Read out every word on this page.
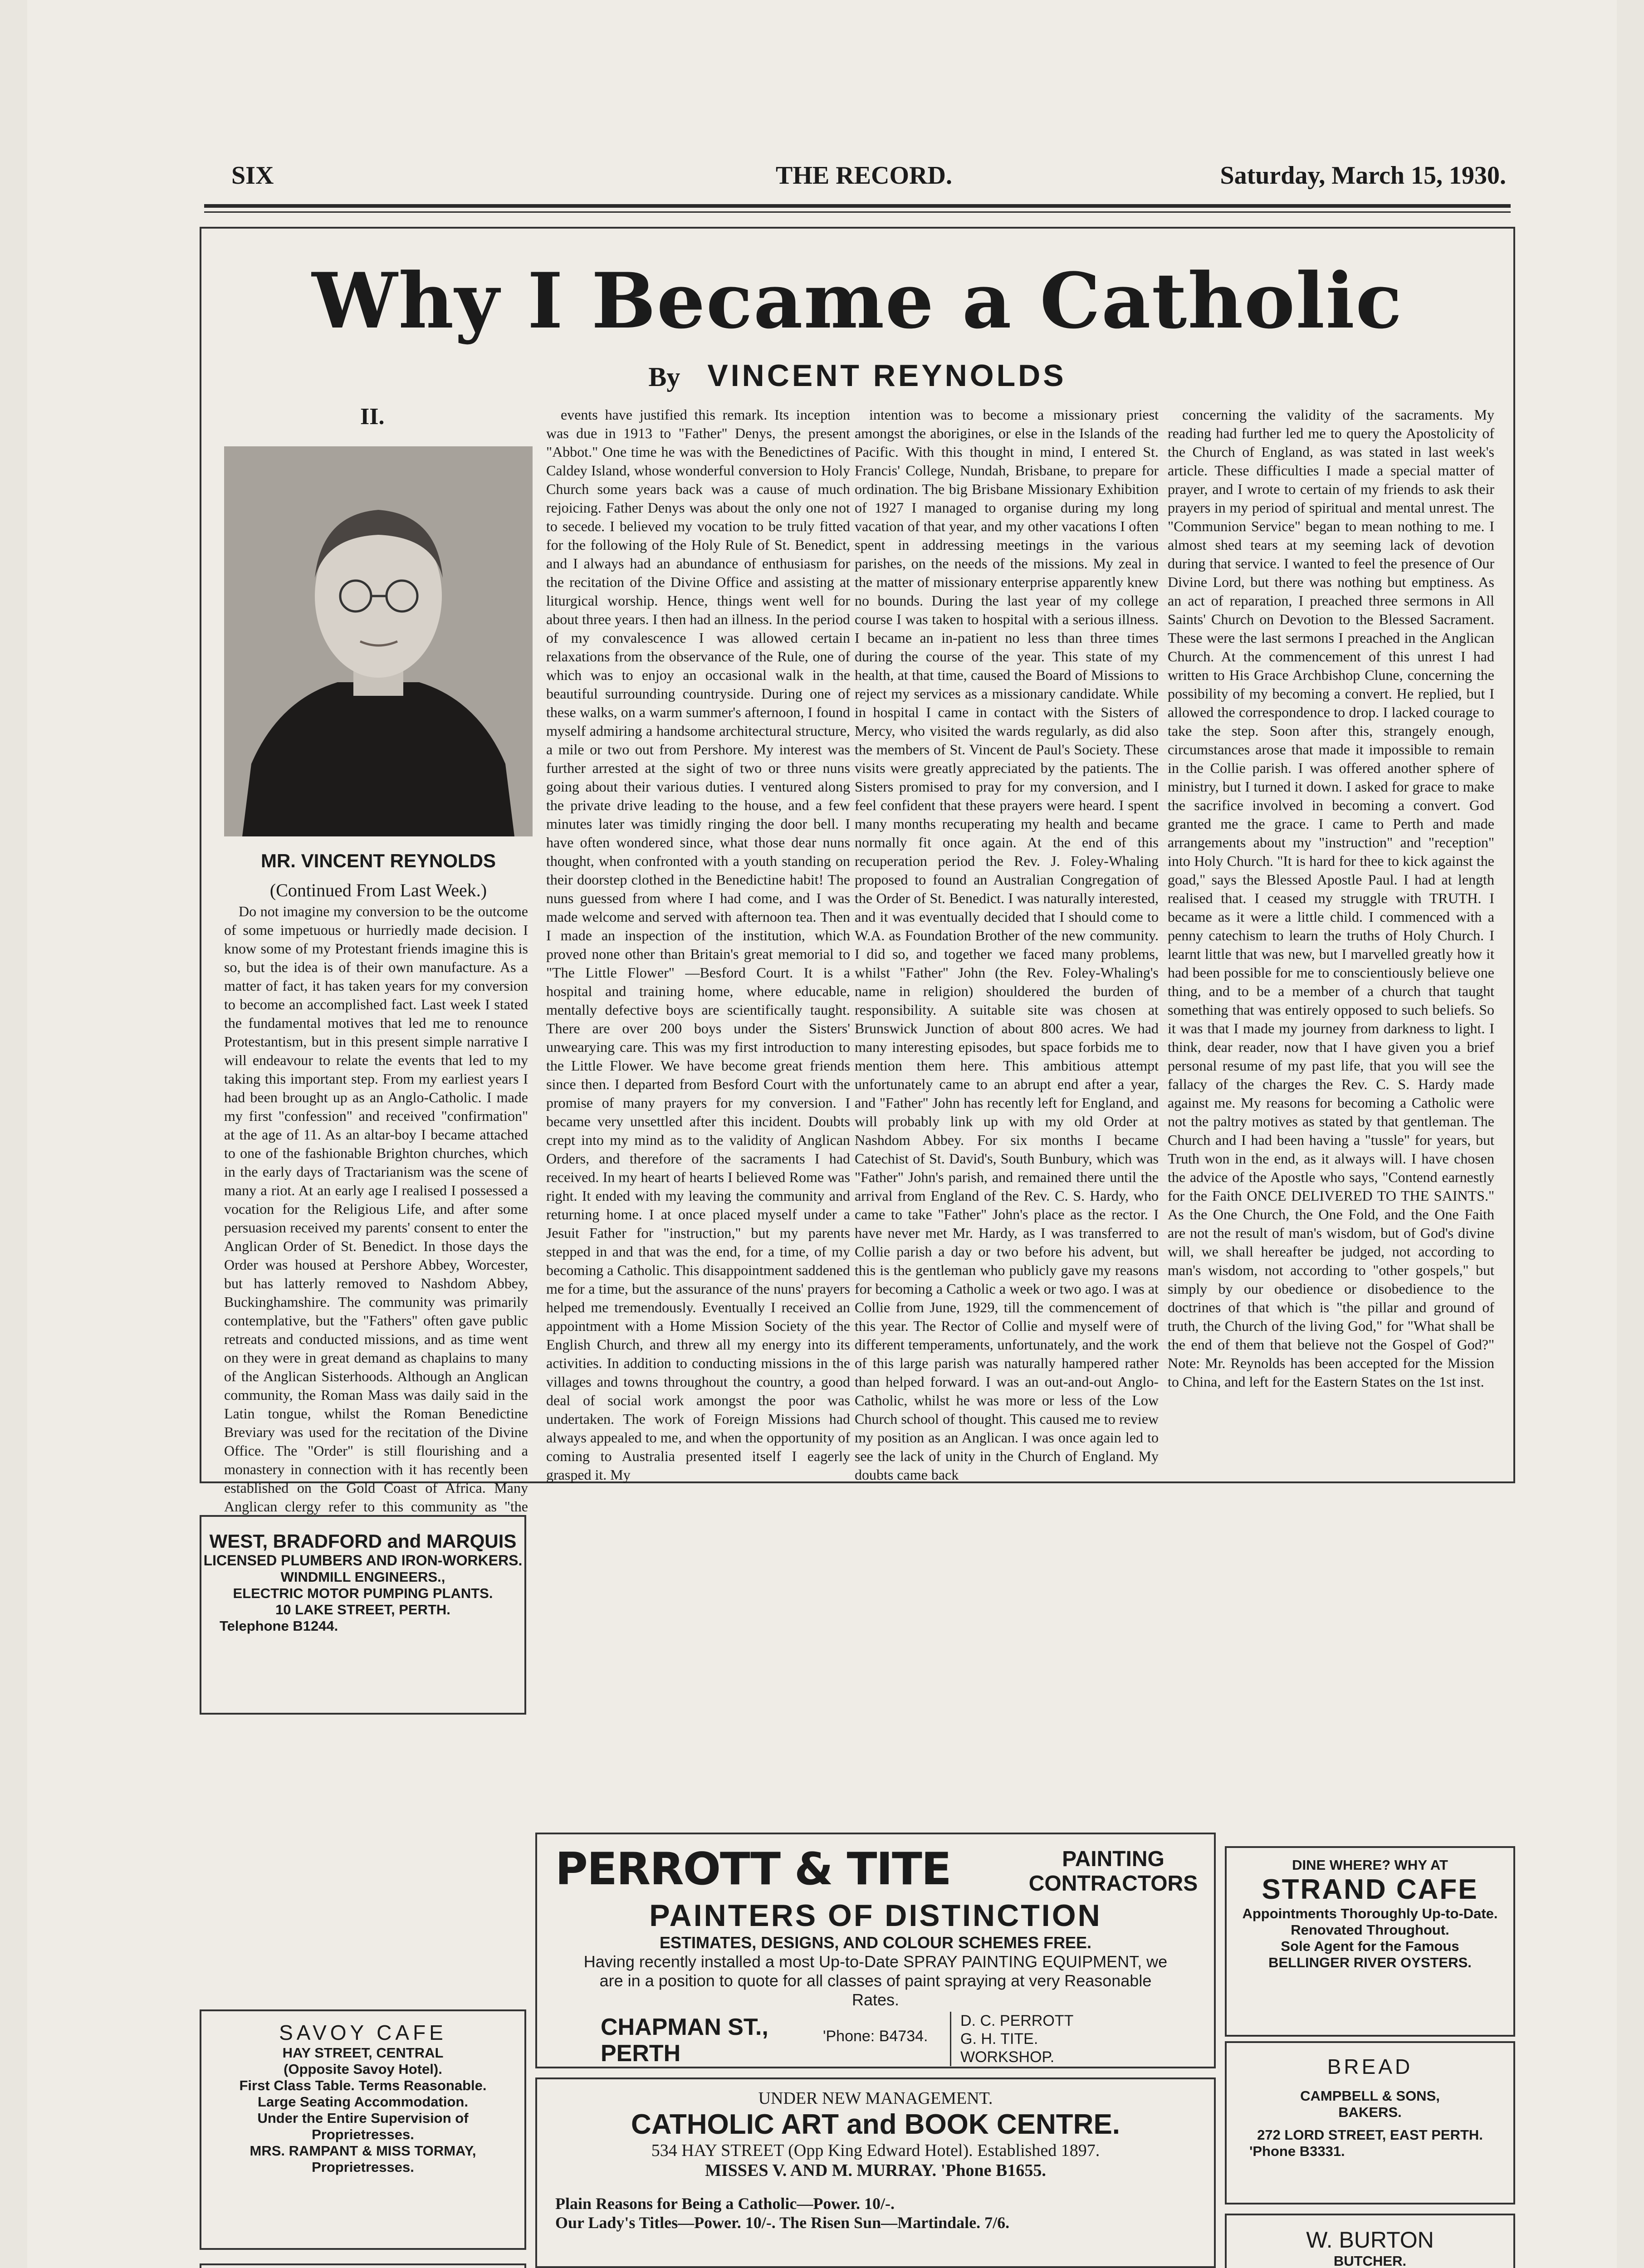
SIX	THE RECORD.	Saturday, March 15, 1930.
Why I Became a Catholic
By VINCENT REYNOLDS
II.
MR. VINCENT REYNOLDS
(Continued From Last Week.)

Do not imagine my conversion to be the outcome of some impetuous or hurriedly made decision. I know some of my Protestant friends imagine this is so, but the idea is of their own manufacture. As a matter of fact, it has taken years for my conversion to become an accomplished fact. Last week I stated the fundamental motives that led me to renounce Protestantism, but in this present simple narrative I will endeavour to relate the events that led to my taking this important step. From my earliest years I had been brought up as an Anglo-Catholic. I made my first "confession" and received "confirmation" at the age of 11. As an altar-boy I became attached to one of the fashionable Brighton churches, which in the early days of Tractarianism was the scene of many a riot. At an early age I realised I possessed a vocation for the Religious Life, and after some persuasion received my parents' consent to enter the Anglican Order of St. Benedict. In those days the Order was housed at Pershore Abbey, Worcester, but has latterly removed to Nashdom Abbey, Buckinghamshire. The community was primarily contemplative, but the "Fathers" often gave public retreats and conducted missions, and as time went on they were in great demand as chaplains to many of the Anglican Sisterhoods. Although an Anglican community, the Roman Mass was daily said in the Latin tongue, whilst the Roman Benedictine Breviary was used for the recitation of the Divine Office. The "Order" is still flourishing and a monastery in connection with it has recently been established on the Gold Coast of Africa. Many Anglican clergy refer to this community as "the

events have justified this remark. Its inception was due in 1913 to "Father" Denys, the present "Abbot." One time he was with the Benedictines of Caldey Island, whose wonderful conversion to Holy Church some years back was a cause of much rejoicing. Father Denys was about the only one not to secede. I believed my vocation to be truly fitted for the following of the Holy Rule of St. Benedict, and I always had an abundance of enthusiasm for the recitation of the Divine Office and assisting at liturgical worship. Hence, things went well for about three years. I then had an illness. In the period of my convalescence I was allowed certain relaxations from the observance of the Rule, one of which was to enjoy an occasional walk in the beautiful surrounding countryside. During one of these walks, on a warm summer's afternoon, I found myself admiring a handsome architectural structure, a mile or two out from Pershore. My interest was further arrested at the sight of two or three nuns going about their various duties. I ventured along the private drive leading to the house, and a few minutes later was timidly ringing the door bell. I have often wondered since, what those dear nuns thought, when confronted with a youth standing on their doorstep clothed in the Benedictine habit! The nuns guessed from where I had come, and I was made welcome and served with afternoon tea. Then I made an inspection of the institution, which proved none other than Britain's great memorial to "The Little Flower" —Besford Court. It is a hospital and training home, where educable, mentally defective boys are scientifically taught. There are over 200 boys under the Sisters' unwearying care. This was my first introduction to the Little Flower. We have become great friends since then. I departed from Besford Court with the promise of many prayers for my conversion. I became very unsettled after this incident. Doubts crept into my mind as to the validity of Anglican Orders, and therefore of the sacraments I had received. In my heart of hearts I believed Rome was right. It ended with my leaving the community and returning home. I at once placed myself under a Jesuit Father for "instruction," but my parents stepped in and that was the end, for a time, of my becoming a Catholic. This disappointment saddened me for a time, but the assurance of the nuns' prayers helped me tremendously. Eventually I received an appointment with a Home Mission Society of the English Church, and threw all my energy into its activities. In addition to conducting missions in the villages and towns throughout the country, a good deal of social work amongst the poor was undertaken. The work of Foreign Missions had always appealed to me, and when the opportunity of coming to Australia presented itself I eagerly grasped it. My

intention was to become a missionary priest amongst the aborigines, or else in the Islands of the Pacific. With this thought in mind, I entered St. Francis' College, Nundah, Brisbane, to prepare for ordination. The big Brisbane Missionary Exhibition of 1927 I managed to organise during my long vacation of that year, and my other vacations I often spent in addressing meetings in the various parishes, on the needs of the missions. My zeal in the matter of missionary enterprise apparently knew no bounds. During the last year of my college course I was taken to hospital with a serious illness. I became an in-patient no less than three times during the course of the year. This state of my health, at that time, caused the Board of Missions to reject my services as a missionary candidate. While in hospital I came in contact with the Sisters of Mercy, who visited the wards regularly, as did also the members of St. Vincent de Paul's Society. These visits were greatly appreciated by the patients. The Sisters promised to pray for my conversion, and I feel confident that these prayers were heard. I spent many months recuperating my health and became normally fit once again. At the end of this recuperation period the Rev. J. Foley-Whaling proposed to found an Australian Congregation of the Order of St. Benedict. I was naturally interested, and it was eventually decided that I should come to W.A. as Foundation Brother of the new community. I did so, and together we faced many problems, whilst "Father" John (the Rev. Foley-Whaling's name in religion) shouldered the burden of responsibility. A suitable site was chosen at Brunswick Junction of about 800 acres. We had many interesting episodes, but space forbids me to mention them here. This ambitious attempt unfortunately came to an abrupt end after a year, and "Father" John has recently left for England, and will probably link up with my old Order at Nashdom Abbey. For six months I became Catechist of St. David's, South Bunbury, which was "Father" John's parish, and remained there until the arrival from England of the Rev. C. S. Hardy, who came to take "Father" John's place as the rector. I have never met Mr. Hardy, as I was transferred to Collie parish a day or two before his advent, but this is the gentleman who publicly gave my reasons for becoming a Catholic a week or two ago. I was at Collie from June, 1929, till the commencement of this year. The Rector of Collie and myself were of different temperaments, unfortunately, and the work of this large parish was naturally hampered rather than helped forward. I was an out-and-out Anglo-Catholic, whilst he was more or less of the Low Church school of thought. This caused me to review my position as an Anglican. I was once again led to see the lack of unity in the Church of England. My doubts came back

concerning the validity of the sacraments. My reading had further led me to query the Apostolicity of the Church of England, as was stated in last week's article. These difficulties I made a special matter of prayer, and I wrote to certain of my friends to ask their prayers in my period of spiritual and mental unrest. The "Communion Service" began to mean nothing to me. I almost shed tears at my seeming lack of devotion during that service. I wanted to feel the presence of Our Divine Lord, but there was nothing but emptiness. As an act of reparation, I preached three sermons in All Saints' Church on Devotion to the Blessed Sacrament. These were the last sermons I preached in the Anglican Church. At the commencement of this unrest I had written to His Grace Archbishop Clune, concerning the possibility of my becoming a convert. He replied, but I allowed the correspondence to drop. I lacked courage to take the step. Soon after this, strangely enough, circumstances arose that made it impossible to remain in the Collie parish. I was offered another sphere of ministry, but I turned it down. I asked for grace to make the sacrifice involved in becoming a convert. God granted me the grace. I came to Perth and made arrangements about my "instruction" and "reception" into Holy Church. "It is hard for thee to kick against the goad," says the Blessed Apostle Paul. I had at length realised that. I ceased my struggle with TRUTH. I became as it were a little child. I commenced with a penny catechism to learn the truths of Holy Church. I learnt little that was new, but I marvelled greatly how it had been possible for me to conscientiously believe one thing, and to be a member of a church that taught something that was entirely opposed to such beliefs. So it was that I made my journey from darkness to light. I think, dear reader, now that I have given you a brief personal resume of my past life, that you will see the fallacy of the charges the Rev. C. S. Hardy made against me. My reasons for becoming a Catholic were not the paltry motives as stated by that gentleman. The Church and I had been having a "tussle" for years, but Truth won in the end, as it always will. I have chosen the advice of the Apostle who says, "Contend earnestly for the Faith ONCE DELIVERED TO THE SAINTS." As the One Church, the One Fold, and the One Faith are not the result of man's wisdom, but of God's divine will, we shall hereafter be judged, not according to man's wisdom, not according to "other gospels," but simply by our obedience or disobedience to the doctrines of that which is "the pillar and ground of truth, the Church of the living God," for "What shall be the end of them that believe not the Gospel of God?" Note: Mr. Reynolds has been accepted for the Mission to China, and left for the Eastern States on the 1st inst.

WEST, BRADFORD and MARQUIS
LICENSED PLUMBERS AND IRON-WORKERS.
WINDMILL ENGINEERS.,
ELECTRIC MOTOR PUMPING PLANTS.
10 LAKE STREET, PERTH.
Telephone B1244.
SAVOY CAFE
HAY STREET, CENTRAL
(Opposite Savoy Hotel).
First Class Table. Terms Reasonable.
Large Seating Accommodation.
Under the Entire Supervision of
Proprietresses.
MRS. RAMPANT & MISS TORMAY,
Proprietresses.
PERROTT & TITE	PAINTING CONTRACTORS
PAINTERS OF DISTINCTION
ESTIMATES, DESIGNS, AND COLOUR SCHEMES FREE.
Having recently installed a most Up-to-Date SPRAY PAINTING EQUIPMENT, we are in a position to quote for all classes of paint spraying at very Reasonable Rates.
CHAPMAN ST.,
PERTH
'Phone: B4734.
D. C. PERROTT
G. H. TITE.
WORKSHOP.
UNDER NEW MANAGEMENT.
CATHOLIC ART and BOOK CENTRE.
534 HAY STREET (Opp King Edward Hotel). Established 1897.
MISSES V. AND M. MURRAY. 'Phone B1655.
Plain Reasons for Being a Catholic—Power. 10/-.
Our Lady's Titles—Power. 10/-. The Risen Sun—Martindale. 7/6.
DINE WHERE? WHY AT
STRAND CAFE
Appointments Thoroughly Up-to-Date.
Renovated Throughout.
Sole Agent for the Famous
BELLINGER RIVER OYSTERS.
BREAD
CAMPBELL & SONS,
BAKERS.
272 LORD STREET, EAST PERTH.
'Phone B3331.
W. BURTON
BUTCHER.
